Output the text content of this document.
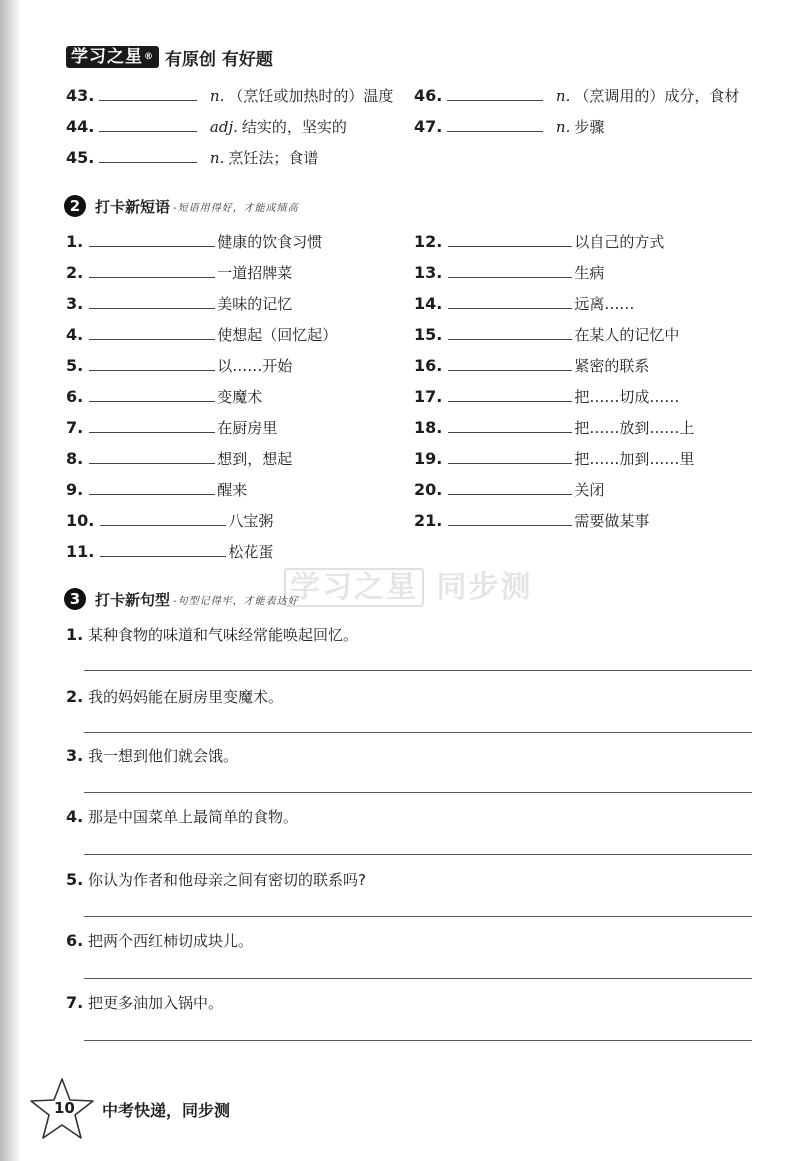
学习之星® 有原创 有好题
43.	n. （烹饪或加热时的）温度
44.	adj. 结实的，坚实的
45.	n. 烹饪法；食谱
46.	n. （烹调用的）成分，食材
47.	n. 步骤
2 打卡新短语 -短语用得好，才能成绩高
1.	健康的饮食习惯
2.	一道招牌菜
3.	美味的记忆
4.	使想起（回忆起）
5.	以……开始
6.	变魔术
7.	在厨房里
8.	想到，想起
9.	醒来
10.	八宝粥
11.	松花蛋
12.	以自己的方式
13.	生病
14.	远离……
15.	在某人的记忆中
16.	紧密的联系
17.	把……切成……
18.	把……放到……上
19.	把……加到……里
20.	关闭
21.	需要做某事
学习之星 同步测
3 打卡新句型 -句型记得牢，才能表达好
1. 某种食物的味道和气味经常能唤起回忆。
2. 我的妈妈能在厨房里变魔术。
3. 我一想到他们就会饿。
4. 那是中国菜单上最简单的食物。
5. 你认为作者和他母亲之间有密切的联系吗?
6. 把两个西红柿切成块儿。
7. 把更多油加入锅中。
10 中考快递，同步测
